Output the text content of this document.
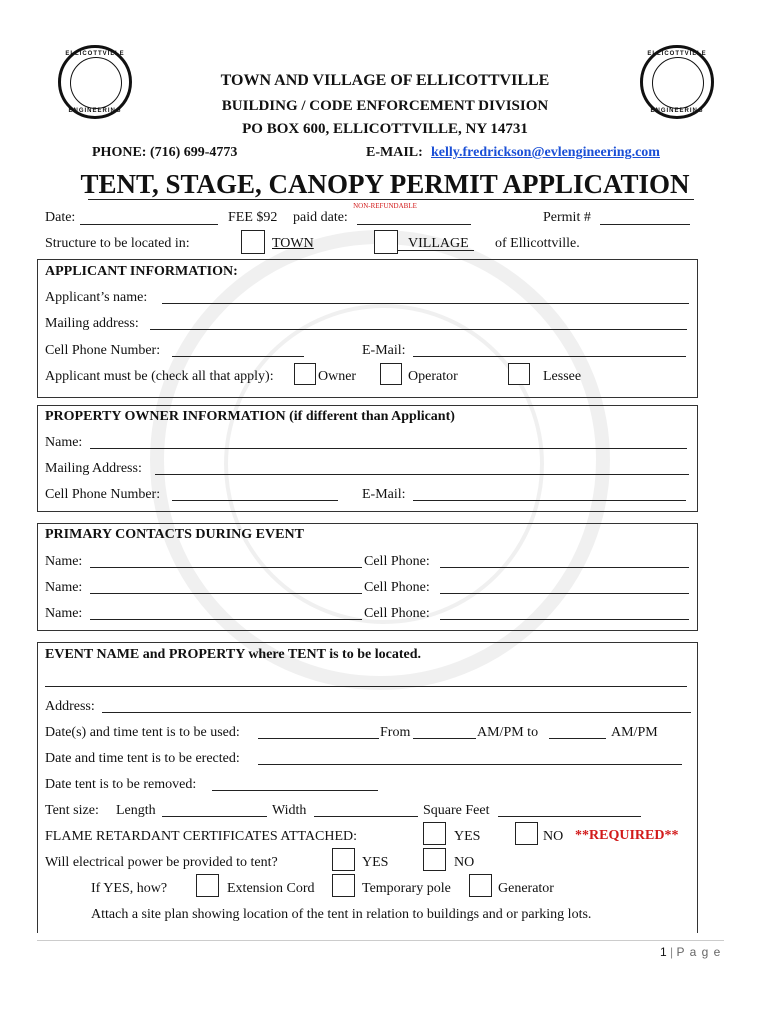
ELLICOTTVILLE
ENGINEERING
ELLICOTTVILLE
ENGINEERING
TOWN AND VILLAGE OF ELLICOTTVILLE
BUILDING / CODE ENFORCEMENT DIVISION
PO BOX 600, ELLICOTTVILLE, NY 14731
PHONE: (716) 699-4773	E-MAIL: kelly.fredrickson@evlengineering.com
TENT, STAGE, CANOPY PERMIT APPLICATION
NON-REFUNDABLE
Date:	FEE $92 paid date:	Permit #
Structure to be located in:	TOWN	VILLAGE of Ellicottville.
APPLICANT INFORMATION:
Applicant’s name:
Mailing address:
Cell Phone Number:	E-Mail:
Applicant must be (check all that apply):	Owner	Operator	Lessee
PROPERTY OWNER INFORMATION (if different than Applicant)
Name:
Mailing Address:
Cell Phone Number:	E-Mail:
PRIMARY CONTACTS DURING EVENT
Name:	Cell Phone:
Name:	Cell Phone:
Name:	Cell Phone:
EVENT NAME and PROPERTY where TENT is to be located.
Address:
Date(s) and time tent is to be used:	From	AM/PM to	AM/PM
Date and time tent is to be erected:
Date tent is to be removed:
Tent size: Length	Width	Square Feet
FLAME RETARDANT CERTIFICATES ATTACHED:	YES	NO **REQUIRED**
Will electrical power be provided to tent?	YES	NO
If YES, how?	Extension Cord	Temporary pole	Generator
Attach a site plan showing location of the tent in relation to buildings and or parking lots.
1 | P a g e
